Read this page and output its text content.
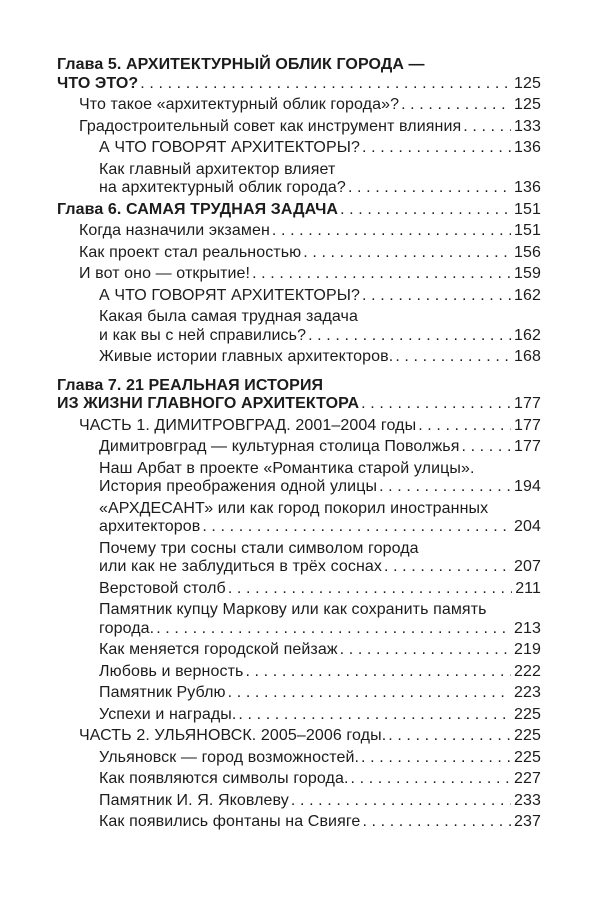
Глава 5. АРХИТЕКТУРНЫЙ ОБЛИК ГОРОДА —
ЧТО ЭТО? . . .	125
Что такое «архитектурный облик города»? . . .	125
Градостроительный совет как инструмент влияния . . .	133
А ЧТО ГОВОРЯТ АРХИТЕКТОРЫ? . . .	136
Как главный архитектор влияет
на архитектурный облик города? . . .	136
Глава 6. САМАЯ ТРУДНАЯ ЗАДАЧА . . .	151
Когда назначили экзамен . . .	151
Как проект стал реальностью . . .	156
И вот оно — открытие! . . .	159
А ЧТО ГОВОРЯТ АРХИТЕКТОРЫ? . . .	162
Какая была самая трудная задача
и как вы с ней справились? . . .	162
Живые истории главных архитекторов. . . .	168
Глава 7. 21 РЕАЛЬНАЯ ИСТОРИЯ
ИЗ ЖИЗНИ ГЛАВНОГО АРХИТЕКТОРА . . .	177
ЧАСТЬ 1. ДИМИТРОВГРАД. 2001–2004 годы . . .	177
Димитровград — культурная столица Поволжья . . .	177
Наш Арбат в проекте «Романтика старой улицы».
История преображения одной улицы . . .	194
«АРХДЕСАНТ» или как город покорил иностранных
архитекторов . . .	204
Почему три сосны стали символом города
или как не заблудиться в трёх соснах . . .	207
Верстовой столб . . .	211
Памятник купцу Маркову или как сохранить память
города. . . .	213
Как меняется городской пейзаж . . .	219
Любовь и верность . . .	222
Памятник Рублю . . .	223
Успехи и награды. . . .	225
ЧАСТЬ 2. УЛЬЯНОВСК. 2005–2006 годы. . . .	225
Ульяновск — город возможностей. . . .	225
Как появляются символы города. . . .	227
Памятник И. Я. Яковлеву . . .	233
Как появились фонтаны на Свияге . . .	237
